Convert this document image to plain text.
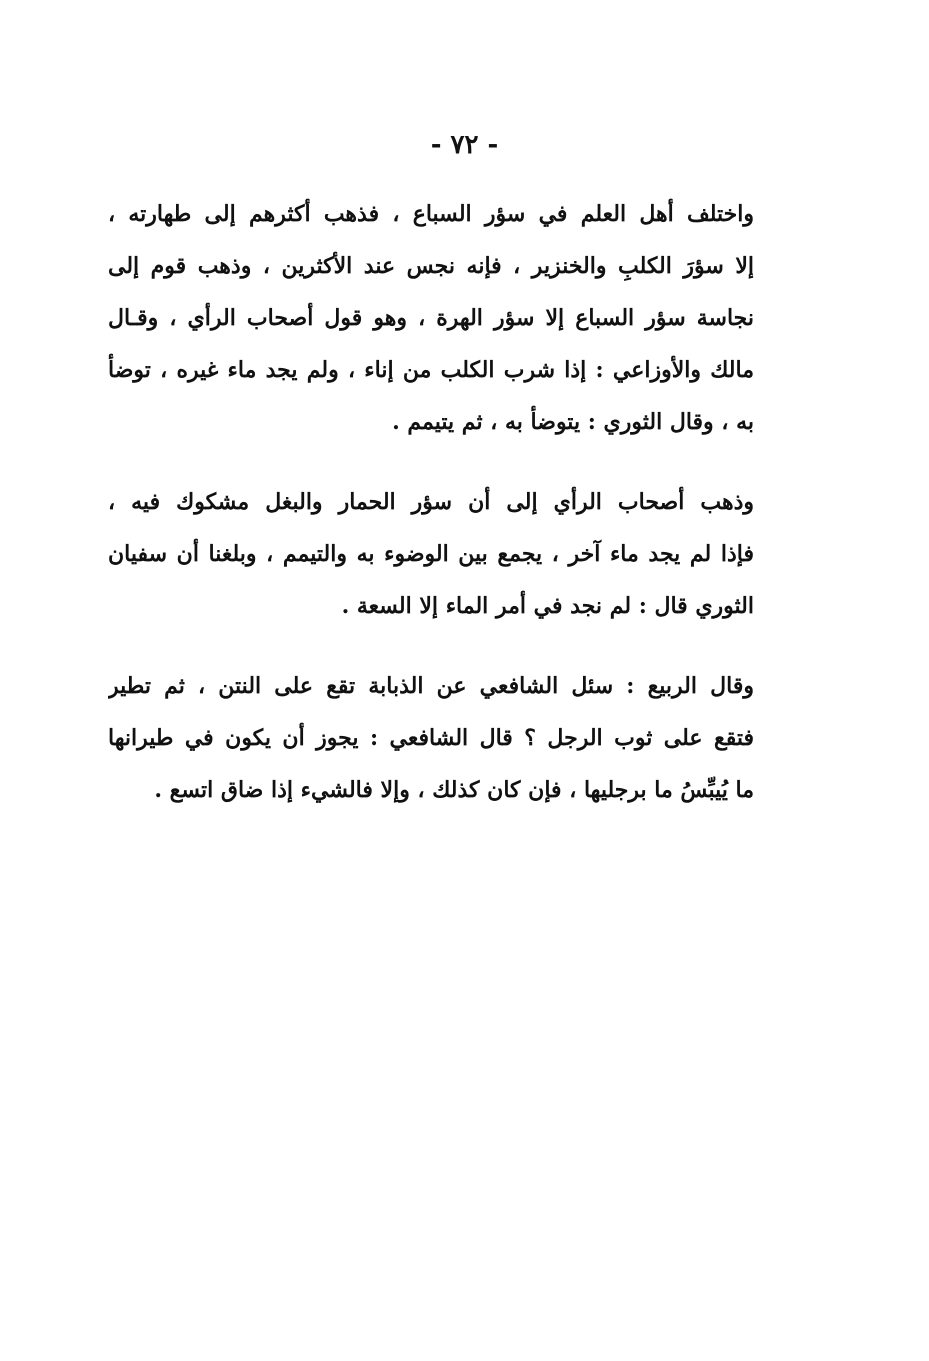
- ٧٢ -

واختلف أهل العلم في سؤر السباع ، فذهب أكثرهم إلى طهارته ،
إلا سؤرَ الكلبِ والخنزير ، فإنه نجس عند الأكثرين ، وذهب قوم إلى
نجاسة سؤر السباع إلا سؤر الهرة ، وهو قول أصحاب الرأي ، وقـال
مالك والأوزاعي : إذا شرب الكلب من إناء ، ولم يجد ماء غيره ، توضأ
به ، وقال الثوري : يتوضأ به ، ثم يتيمم .

وذهب أصحاب الرأي إلى أن سؤر الحمار والبغل مشكوك فيه ،
فإذا لم يجد ماء آخر ، يجمع بين الوضوء به والتيمم ، وبلغنا أن سفيان
الثوري قال : لم نجد في أمر الماء إلا السعة .

وقال الربيع : سئل الشافعي عن الذبابة تقع على النتن ، ثم تطير
فتقع على ثوب الرجل ؟ قال الشافعي : يجوز أن يكون في طيرانها
ما يُيبِّسُ ما برجليها ، فإن كان كذلك ، وإلا فالشيء إذا ضاق اتسع .
